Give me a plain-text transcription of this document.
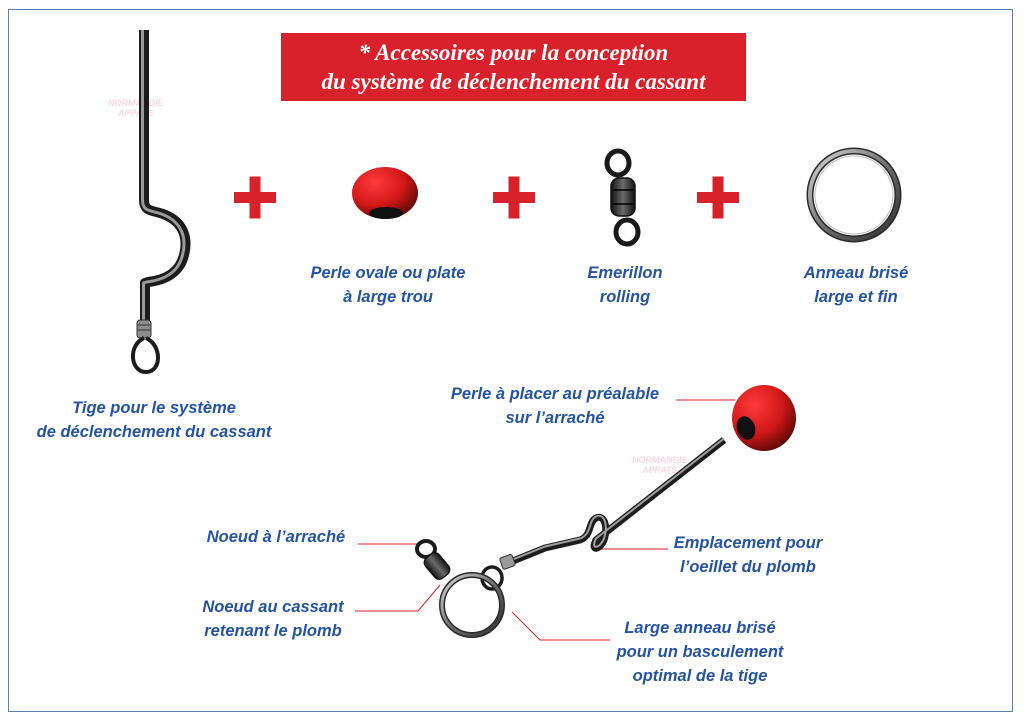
* Accessoires pour la conception
du système de déclenchement du cassant
NORMANDIE
APPATS
NORMANDIE
APPATS
Tige pour le système
de déclenchement du cassant
Perle ovale ou plate
à large trou
Emerillon
rolling
Anneau brisé
large et fin
Perle à placer au préalable
sur l’arraché
Noeud à l’arraché
Noeud au cassant
retenant le plomb
Emplacement pour
l’oeillet du plomb
Large anneau brisé
pour un basculement
optimal de la tige
